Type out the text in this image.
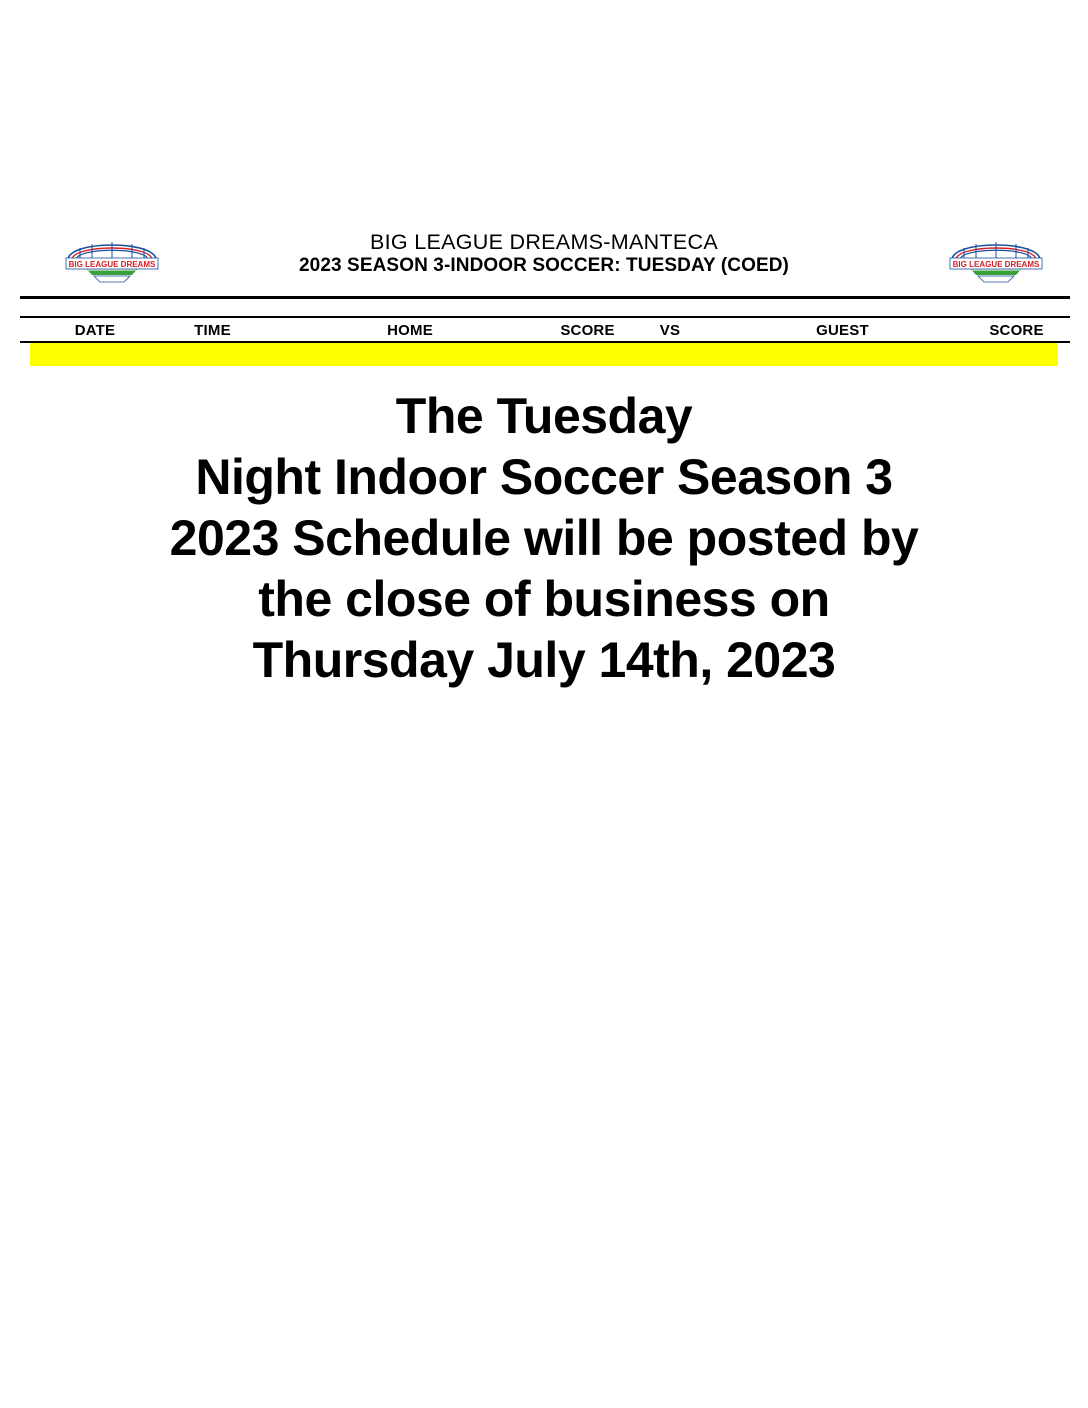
BIG LEAGUE DREAMS
BIG LEAGUE DREAMS-MANTECA
2023 SEASON 3-INDOOR SOCCER: TUESDAY (COED)	BIG LEAGUE DREAMS
DATE	TIME	HOME	SCORE	VS	GUEST	SCORE
The Tuesday
Night Indoor Soccer Season 3
2023 Schedule will be posted by
the close of business on
Thursday July 14th, 2023
